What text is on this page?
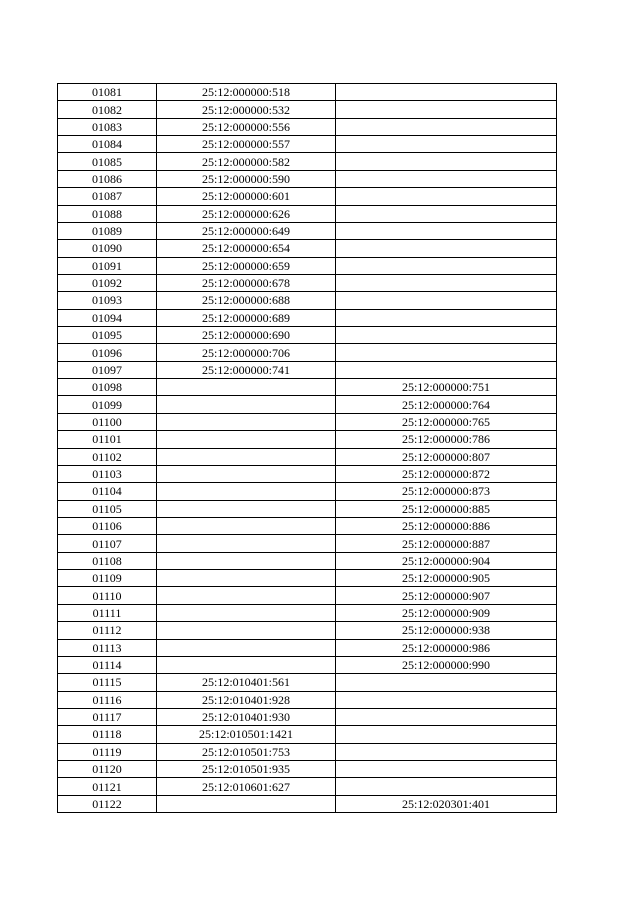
01081	25:12:000000:518	
01082	25:12:000000:532	
01083	25:12:000000:556	
01084	25:12:000000:557	
01085	25:12:000000:582	
01086	25:12:000000:590	
01087	25:12:000000:601	
01088	25:12:000000:626	
01089	25:12:000000:649	
01090	25:12:000000:654	
01091	25:12:000000:659	
01092	25:12:000000:678	
01093	25:12:000000:688	
01094	25:12:000000:689	
01095	25:12:000000:690	
01096	25:12:000000:706	
01097	25:12:000000:741	
01098		25:12:000000:751
01099		25:12:000000:764
01100		25:12:000000:765
01101		25:12:000000:786
01102		25:12:000000:807
01103		25:12:000000:872
01104		25:12:000000:873
01105		25:12:000000:885
01106		25:12:000000:886
01107		25:12:000000:887
01108		25:12:000000:904
01109		25:12:000000:905
01110		25:12:000000:907
01111		25:12:000000:909
01112		25:12:000000:938
01113		25:12:000000:986
01114		25:12:000000:990
01115	25:12:010401:561	
01116	25:12:010401:928	
01117	25:12:010401:930	
01118	25:12:010501:1421	
01119	25:12:010501:753	
01120	25:12:010501:935	
01121	25:12:010601:627	
01122		25:12:020301:401
